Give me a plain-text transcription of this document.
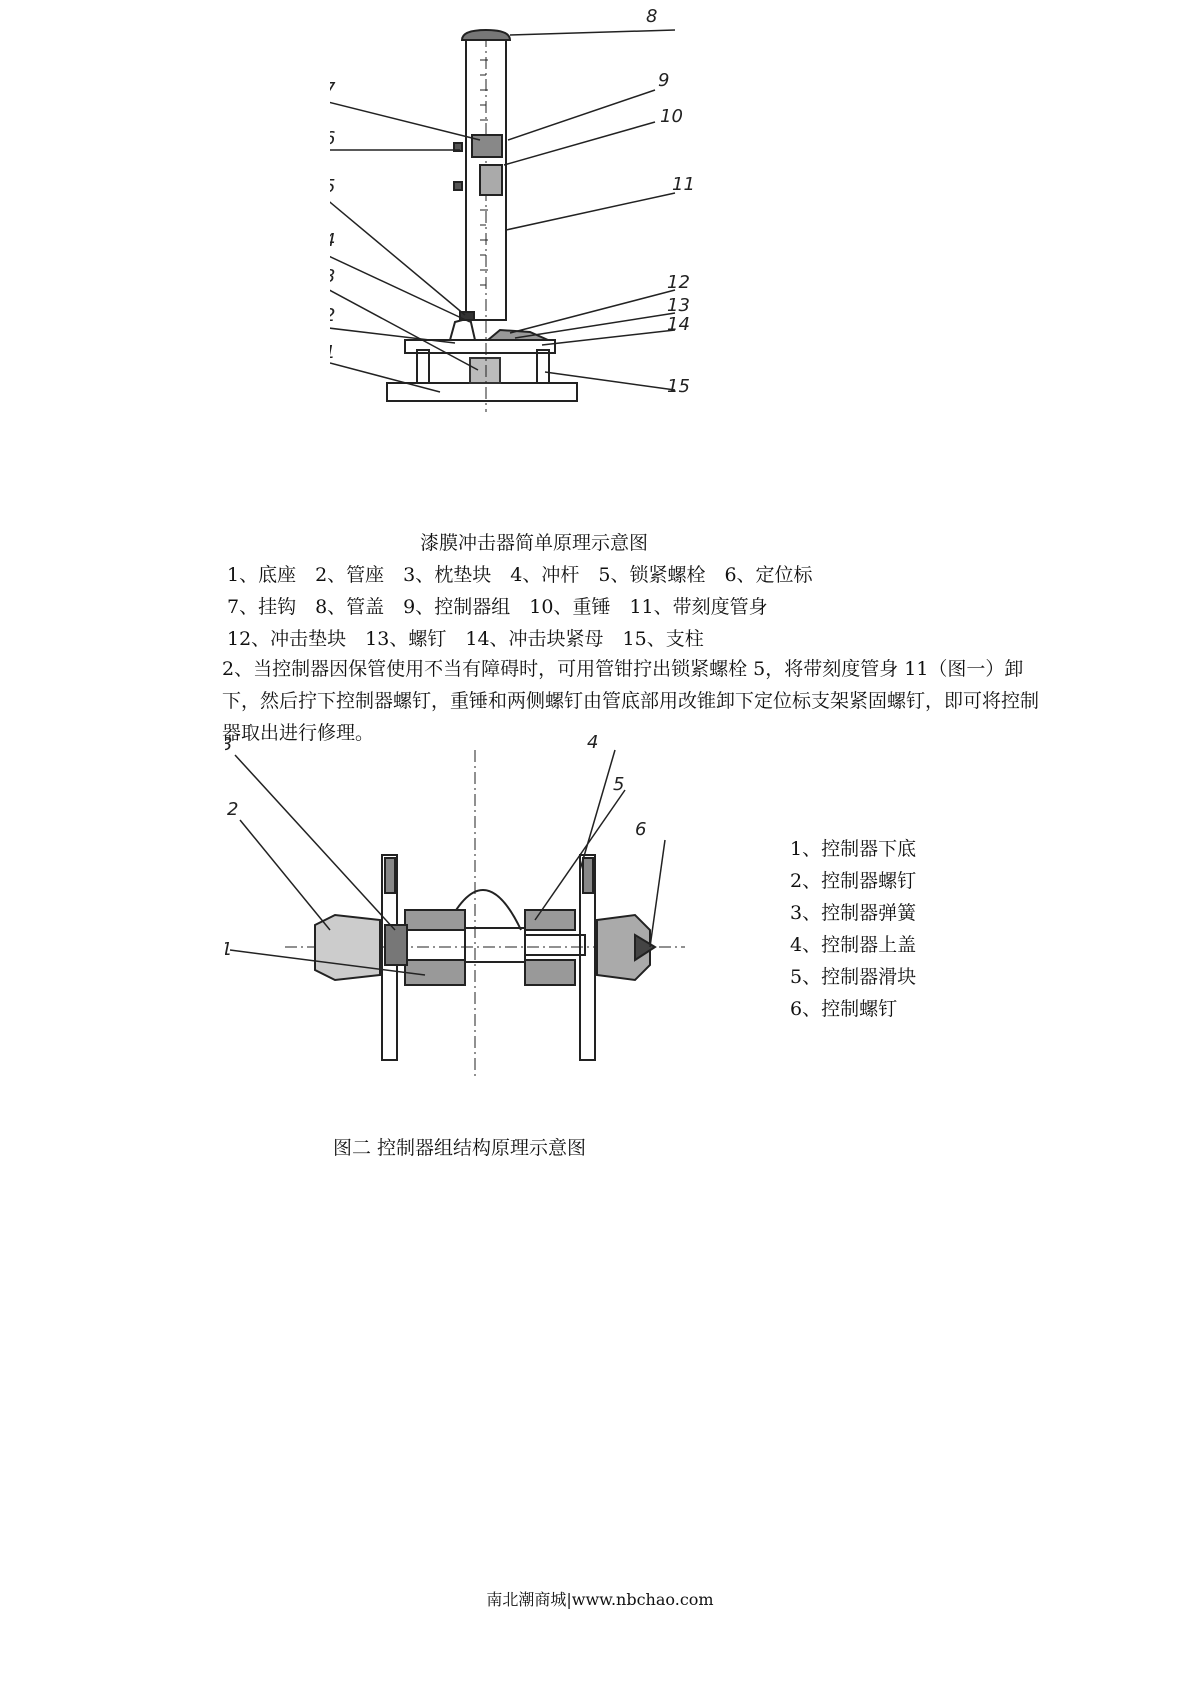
8
9
10
11
12
13
14
15
漆膜冲击器简单原理示意图
1、底座　2、管座　3、枕垫块　4、冲杆　5、锁紧螺栓　6、定位标
7、挂钩　8、管盖　9、控制器组　10、重锤　11、带刻度管身
12、冲击垫块　13、螺钉　14、冲击块紧母　15、支柱
2、当控制器因保管使用不当有障碍时，可用管钳拧出锁紧螺栓 5，将带刻度管身 11（图一）卸下，然后拧下控制器螺钉，重锤和两侧螺钉由管底部用改锥卸下定位标支架紧固螺钉，即可将控制器取出进行修理。
2
4
5
6
1、控制器下底
2、控制器螺钉
3、控制器弹簧
4、控制器上盖
5、控制器滑块
6、控制螺钉
图二 控制器组结构原理示意图
南北潮商城|www.nbchao.com
